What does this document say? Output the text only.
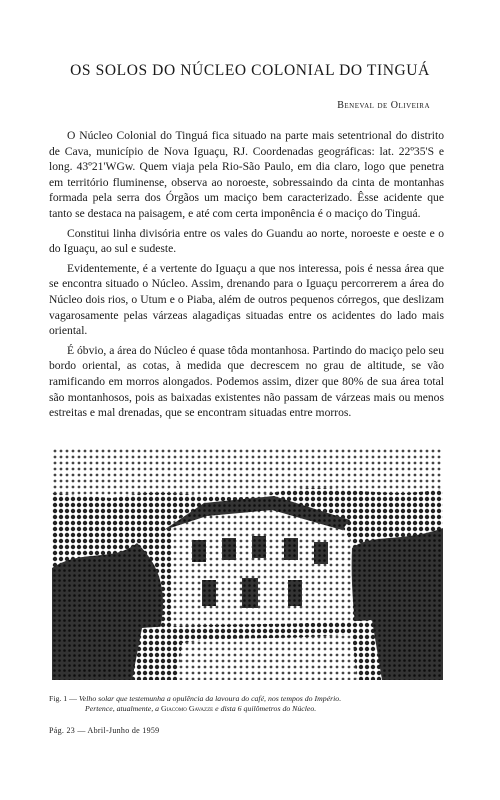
OS SOLOS DO NÚCLEO COLONIAL DO TINGUÁ
Beneval de Oliveira

O Núcleo Colonial do Tinguá fica situado na parte mais setentrional do distrito de Cava, município de Nova Iguaçu, RJ. Coordenadas geográficas: lat. 22º35'S e long. 43º21'WGw. Quem viaja pela Rio-São Paulo, em dia claro, logo que penetra em território fluminense, observa ao noroeste, sobressaindo da cinta de montanhas formada pela serra dos Órgãos um maciço bem caracterizado. Êsse acidente que tanto se destaca na paisagem, e até com certa imponência é o maciço do Tinguá.

Constitui linha divisória entre os vales do Guandu ao norte, noroeste e oeste e o do Iguaçu, ao sul e sudeste.

Evidentemente, é a vertente do Iguaçu a que nos interessa, pois é nessa área que se encontra situado o Núcleo. Assim, drenando para o Iguaçu percorrerem a área do Núcleo dois rios, o Utum e o Piaba, além de outros pequenos córregos, que deslizam vagarosamente pelas várzeas alagadiças situadas entre os acidentes do lado mais oriental.

É óbvio, a área do Núcleo é quase tôda montanhosa. Partindo do maciço pelo seu bordo oriental, as cotas, à medida que decrescem no grau de altitude, se vão ramificando em morros alongados. Podemos assim, dizer que 80% de sua área total são montanhosos, pois as baixadas existentes não passam de várzeas mais ou menos estreitas e mal drenadas, que se encontram situadas entre morros.

Fig. 1 — Velho solar que testemunha a opulência da lavoura do café, nos tempos do Império.
Pertence, atualmente, a Giacomo Gavazze e dista 6 quilômetros do Núcleo.
Pág. 23 — Abril-Junho de 1959
